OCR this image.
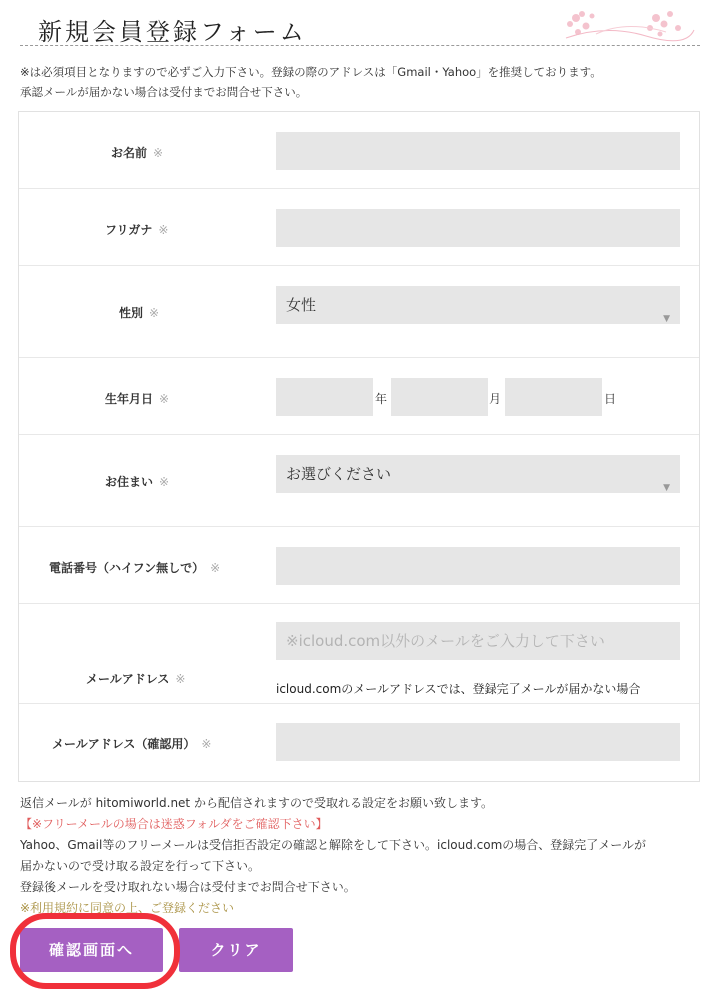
新規会員登録フォーム

※は必須項目となりますので必ずご入力下さい。登録の際のアドレスは「Gmail・Yahoo」を推奨しております。

承認メールが届かない場合は受付までお問合せ下さい。

お名前 ※
フリガナ ※
性別 ※	女性
▼
生年月日 ※	年	月	日
お住まい ※	お選びください
▼
電話番号（ハイフン無しで） ※
メールアドレス ※
※icloud.com以外のメールをご入力して下さい
icloud.comのメールアドレスでは、登録完了メールが届かない場合
メールアドレス（確認用） ※

返信メールが hitomiworld.net から配信されますので受取れる設定をお願い致します。

【※フリーメールの場合は迷惑フォルダをご確認下さい】

Yahoo、Gmail等のフリーメールは受信拒否設定の確認と解除をして下さい。icloud.comの場合、登録完了メールが

届かないので受け取る設定を行って下さい。

登録後メールを受け取れない場合は受付までお問合せ下さい。

※利用規約に同意の上、ご登録ください

確認画面へ	クリア
